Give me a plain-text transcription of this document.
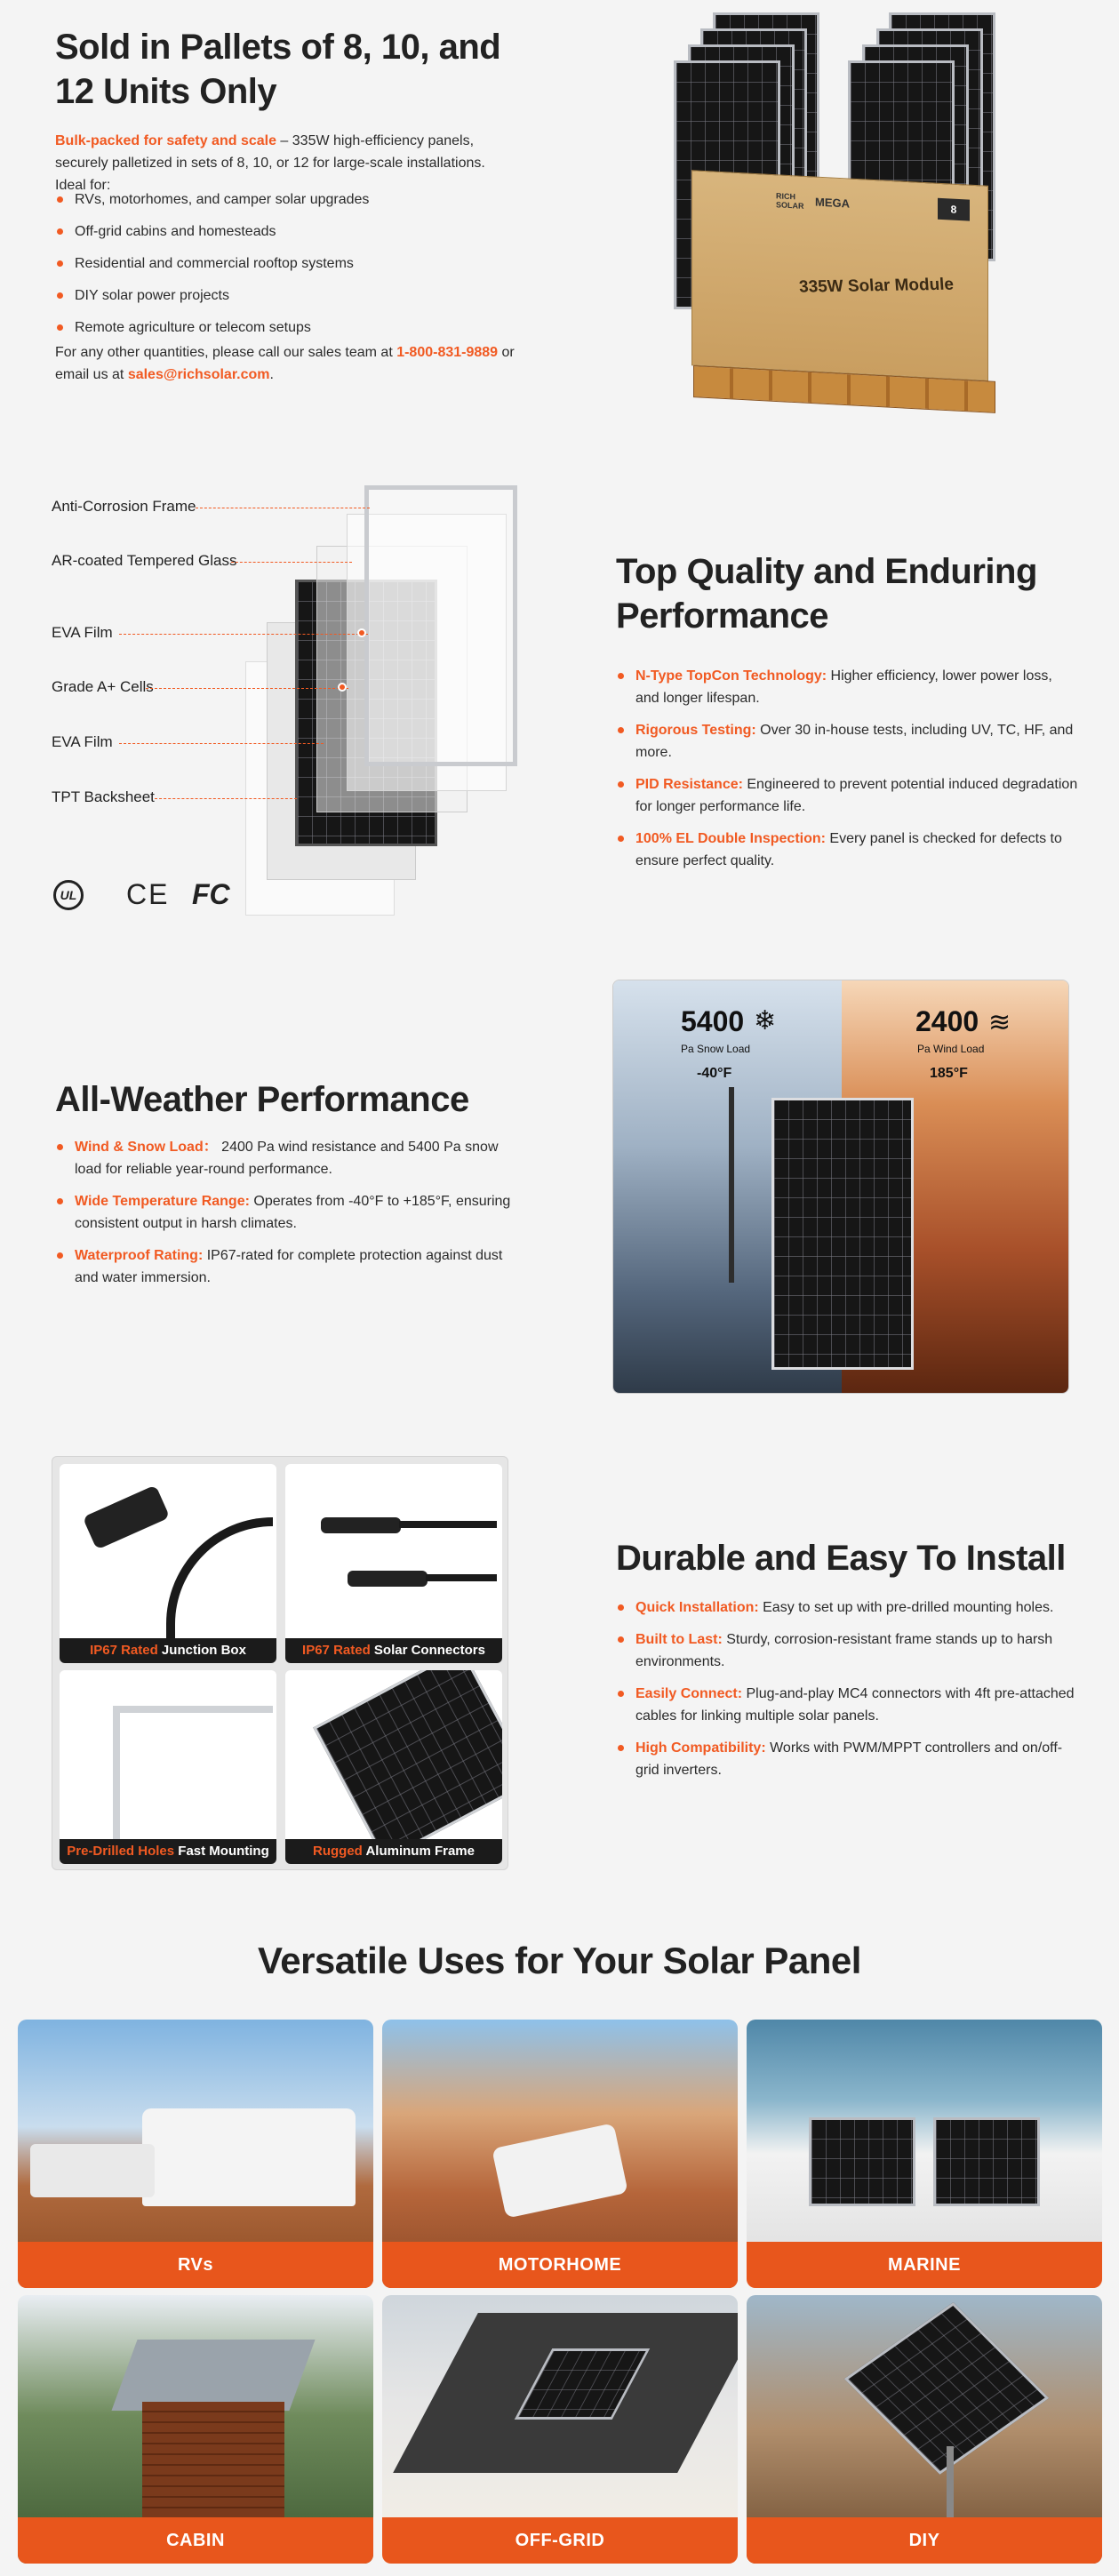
Sold in Pallets of 8, 10, and 12 Units Only

Bulk-packed for safety and scale – 335W high-efficiency panels, securely palletized in sets of 8, 10, or 12 for large-scale installations. Ideal for:

RVs, motorhomes, and camper solar upgrades
Off-grid cabins and homesteads
Residential and commercial rooftop systems
DIY solar power projects
Remote agriculture or telecom setups

For any other quantities, please call our sales team at 1-800-831-9889 or email us at sales@richsolar.com.

RICH
SOLAR MEGA	8
335W Solar Module
Anti-Corrosion Frame
AR-coated Tempered Glass
EVA Film
Grade A+ Cells
EVA Film
TPT Backsheet
UL CE FC
Top Quality and Enduring Performance
N-Type TopCon Technology: Higher efficiency, lower power loss, and longer lifespan.
Rigorous Testing: Over 30 in-house tests, including UV, TC, HF, and more.
PID Resistance: Engineered to prevent potential induced degradation for longer performance life.
100% EL Double Inspection: Every panel is checked for defects to ensure perfect quality.
All-Weather Performance
Wind & Snow Load： 2400 Pa wind resistance and 5400 Pa snow load for reliable year-round performance.
Wide Temperature Range: Operates from -40°F to +185°F, ensuring consistent output in harsh climates.
Waterproof Rating: IP67-rated for complete protection against dust and water immersion.
5400 ❄
Pa Snow Load
-40°F
2400 ≋
Pa Wind Load
185°F
IP67 Rated Junction Box	IP67 Rated Solar Connectors
Pre-Drilled Holes Fast Mounting	Rugged Aluminum Frame
Durable and Easy To Install
Quick Installation: Easy to set up with pre-drilled mounting holes.
Built to Last: Sturdy, corrosion-resistant frame stands up to harsh environments.
Easily Connect: Plug-and-play MC4 connectors with 4ft pre-attached cables for linking multiple solar panels.
High Compatibility: Works with PWM/MPPT controllers and on/off-grid inverters.
Versatile Uses for Your Solar Panel
RVs	MOTORHOME	MARINE
CABIN	OFF-GRID	DIY
